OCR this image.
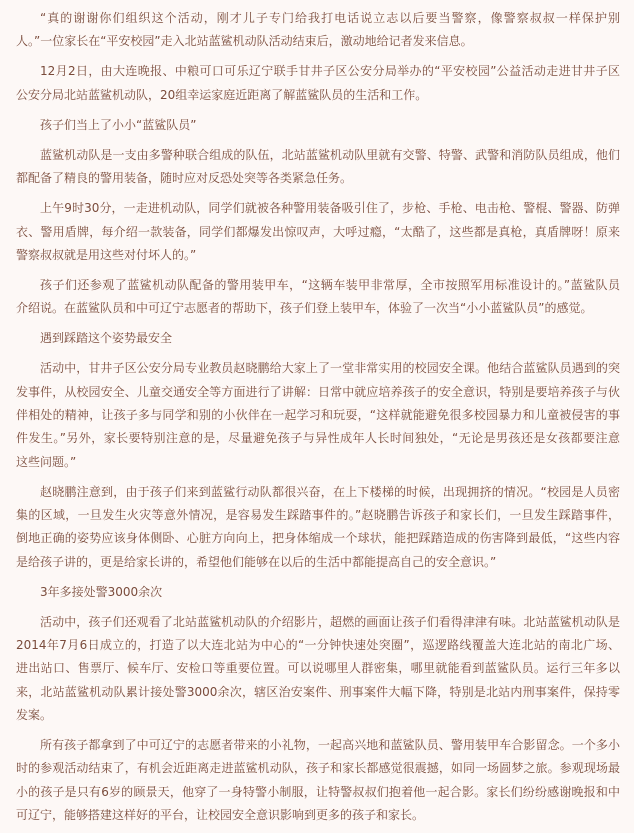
“真的谢谢你们组织这个活动，刚才儿子专门给我打电话说立志以后要当警察，像警察叔叔一样保护别
人。”一位家长在“平安校园”走入北站蓝鲨机动队活动结束后，激动地给记者发来信息。
12月2日，由大连晚报、中粮可口可乐辽宁联手甘井子区公安分局举办的“平安校园”公益活动走进甘井子区
公安分局北站蓝鲨机动队，20组幸运家庭近距离了解蓝鲨队员的生活和工作。
孩子们当上了小小“蓝鲨队员”
蓝鲨机动队是一支由多警种联合组成的队伍，北站蓝鲨机动队里就有交警、特警、武警和消防队员组成，他们
都配备了精良的警用装备，随时应对反恐处突等各类紧急任务。
上午9时30分，一走进机动队，同学们就被各种警用装备吸引住了，步枪、手枪、电击枪、警棍、警器、防弹
衣、警用盾牌，每介绍一款装备，同学们都爆发出惊叹声，大呼过瘾，“太酷了，这些都是真枪，真盾牌呀！原来
警察叔叔就是用这些对付坏人的。”
孩子们还参观了蓝鲨机动队配备的警用装甲车，“这辆车装甲非常厚，全市按照军用标准设计的。”蓝鲨队员
介绍说。在蓝鲨队员和中可辽宁志愿者的帮助下，孩子们登上装甲车，体验了一次当“小小蓝鲨队员”的感觉。
遇到踩踏这个姿势最安全
活动中，甘井子区公安分局专业教员赵晓鹏给大家上了一堂非常实用的校园安全课。他结合蓝鲨队员遇到的突
发事件，从校园安全、儿童交通安全等方面进行了讲解：日常中就应培养孩子的安全意识，特别是要培养孩子与伙
伴相处的精神，让孩子多与同学和别的小伙伴在一起学习和玩耍，“这样就能避免很多校园暴力和儿童被侵害的事
件发生。”另外，家长要特别注意的是，尽量避免孩子与异性成年人长时间独处，“无论是男孩还是女孩都要注意
这些问题。”
赵晓鹏注意到，由于孩子们来到蓝鲨行动队都很兴奋，在上下楼梯的时候，出现拥挤的情况。“校园是人员密
集的区域，一旦发生火灾等意外情况，是容易发生踩踏事件的。”赵晓鹏告诉孩子和家长们，一旦发生踩踏事件，
倒地正确的姿势应该身体侧卧、心脏方向向上，把身体缩成一个球状，能把踩踏造成的伤害降到最低，“这些内容
是给孩子讲的，更是给家长讲的，希望他们能够在以后的生活中都能提高自己的安全意识。”
3年多接处警3000余次
活动中，孩子们还观看了北站蓝鲨机动队的介绍影片，超燃的画面让孩子们看得津津有味。北站蓝鲨机动队是
2014年7月6日成立的，打造了以大连北站为中心的“一分钟快速处突圈”，巡逻路线覆盖大连北站的南北广场、
进出站口、售票厅、候车厅、安检口等重要位置。可以说哪里人群密集，哪里就能看到蓝鲨队员。运行三年多以
来，北站蓝鲨机动队累计接处警3000余次，辖区治安案件、刑事案件大幅下降，特别是北站内刑事案件，保持零
发案。
所有孩子都拿到了中可辽宁的志愿者带来的小礼物，一起高兴地和蓝鲨队员、警用装甲车合影留念。一个多小
时的参观活动结束了，有机会近距离走进蓝鲨机动队，孩子和家长都感觉很震撼，如同一场圆梦之旅。参观现场最
小的孩子是只有6岁的顾景天，他穿了一身特警小制服，让特警叔叔们抱着他一起合影。家长们纷纷感谢晚报和中
可辽宁，能够搭建这样好的平台，让校园安全意识影响到更多的孩子和家长。
